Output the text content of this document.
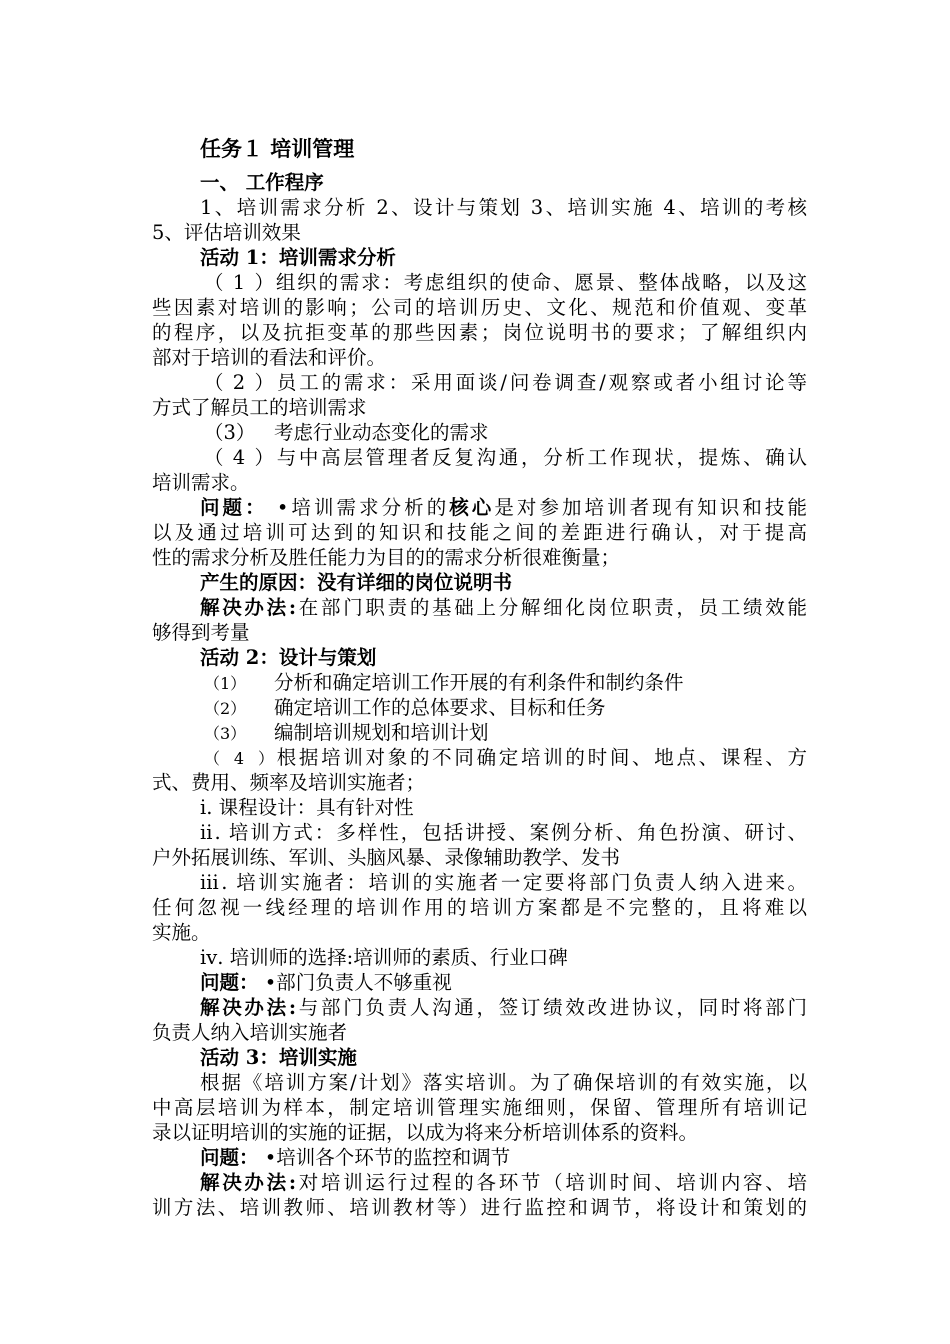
任务１ 培训管理
一、 工作程序
1、培训需求分析 2、设计与策划 3、培训实施 4、培训的考核
5、评估培训效果
活动 1：培训需求分析
（1）组织的需求：考虑组织的使命、愿景、整体战略，以及这
些因素对培训的影响；公司的培训历史、文化、规范和价值观、变革
的程序，以及抗拒变革的那些因素；岗位说明书的要求；了解组织内
部对于培训的看法和评价。
（2）员工的需求：采用面谈/问卷调查/观察或者小组讨论等
方式了解员工的培训需求
（3） 考虑行业动态变化的需求
（4）与中高层管理者反复沟通，分析工作现状，提炼、确认
培训需求。
问题： •培训需求分析的核心是对参加培训者现有知识和技能
以及通过培训可达到的知识和技能之间的差距进行确认，对于提高
性的需求分析及胜任能力为目的的需求分析很难衡量；
产生的原因：没有详细的岗位说明书
解决办法:在部门职责的基础上分解细化岗位职责，员工绩效能
够得到考量
活动 2：设计与策划
（1） 分析和确定培训工作开展的有利条件和制约条件
（2） 确定培训工作的总体要求、目标和任务
（3） 编制培训规划和培训计划
（4）根据培训对象的不同确定培训的时间、地点、课程、方
式、费用、频率及培训实施者；
ⅰ. 课程设计：具有针对性
ⅱ. 培训方式：多样性，包括讲授、案例分析、角色扮演、研讨、
户外拓展训练、军训、头脑风暴、录像辅助教学、发书
ⅲ. 培训实施者：培训的实施者一定要将部门负责人纳入进来。
任何忽视一线经理的培训作用的培训方案都是不完整的，且将难以
实施。
ⅳ. 培训师的选择:培训师的素质、行业口碑
问题： •部门负责人不够重视
解决办法:与部门负责人沟通，签订绩效改进协议，同时将部门
负责人纳入培训实施者
活动 3：培训实施
根据《培训方案/计划》落实培训。为了确保培训的有效实施，以
中高层培训为样本，制定培训管理实施细则，保留、管理所有培训记
录以证明培训的实施的证据，以成为将来分析培训体系的资料。
问题： •培训各个环节的监控和调节
解决办法:对培训运行过程的各环节（培训时间、培训内容、培
训方法、培训教师、培训教材等）进行监控和调节，将设计和策划的
